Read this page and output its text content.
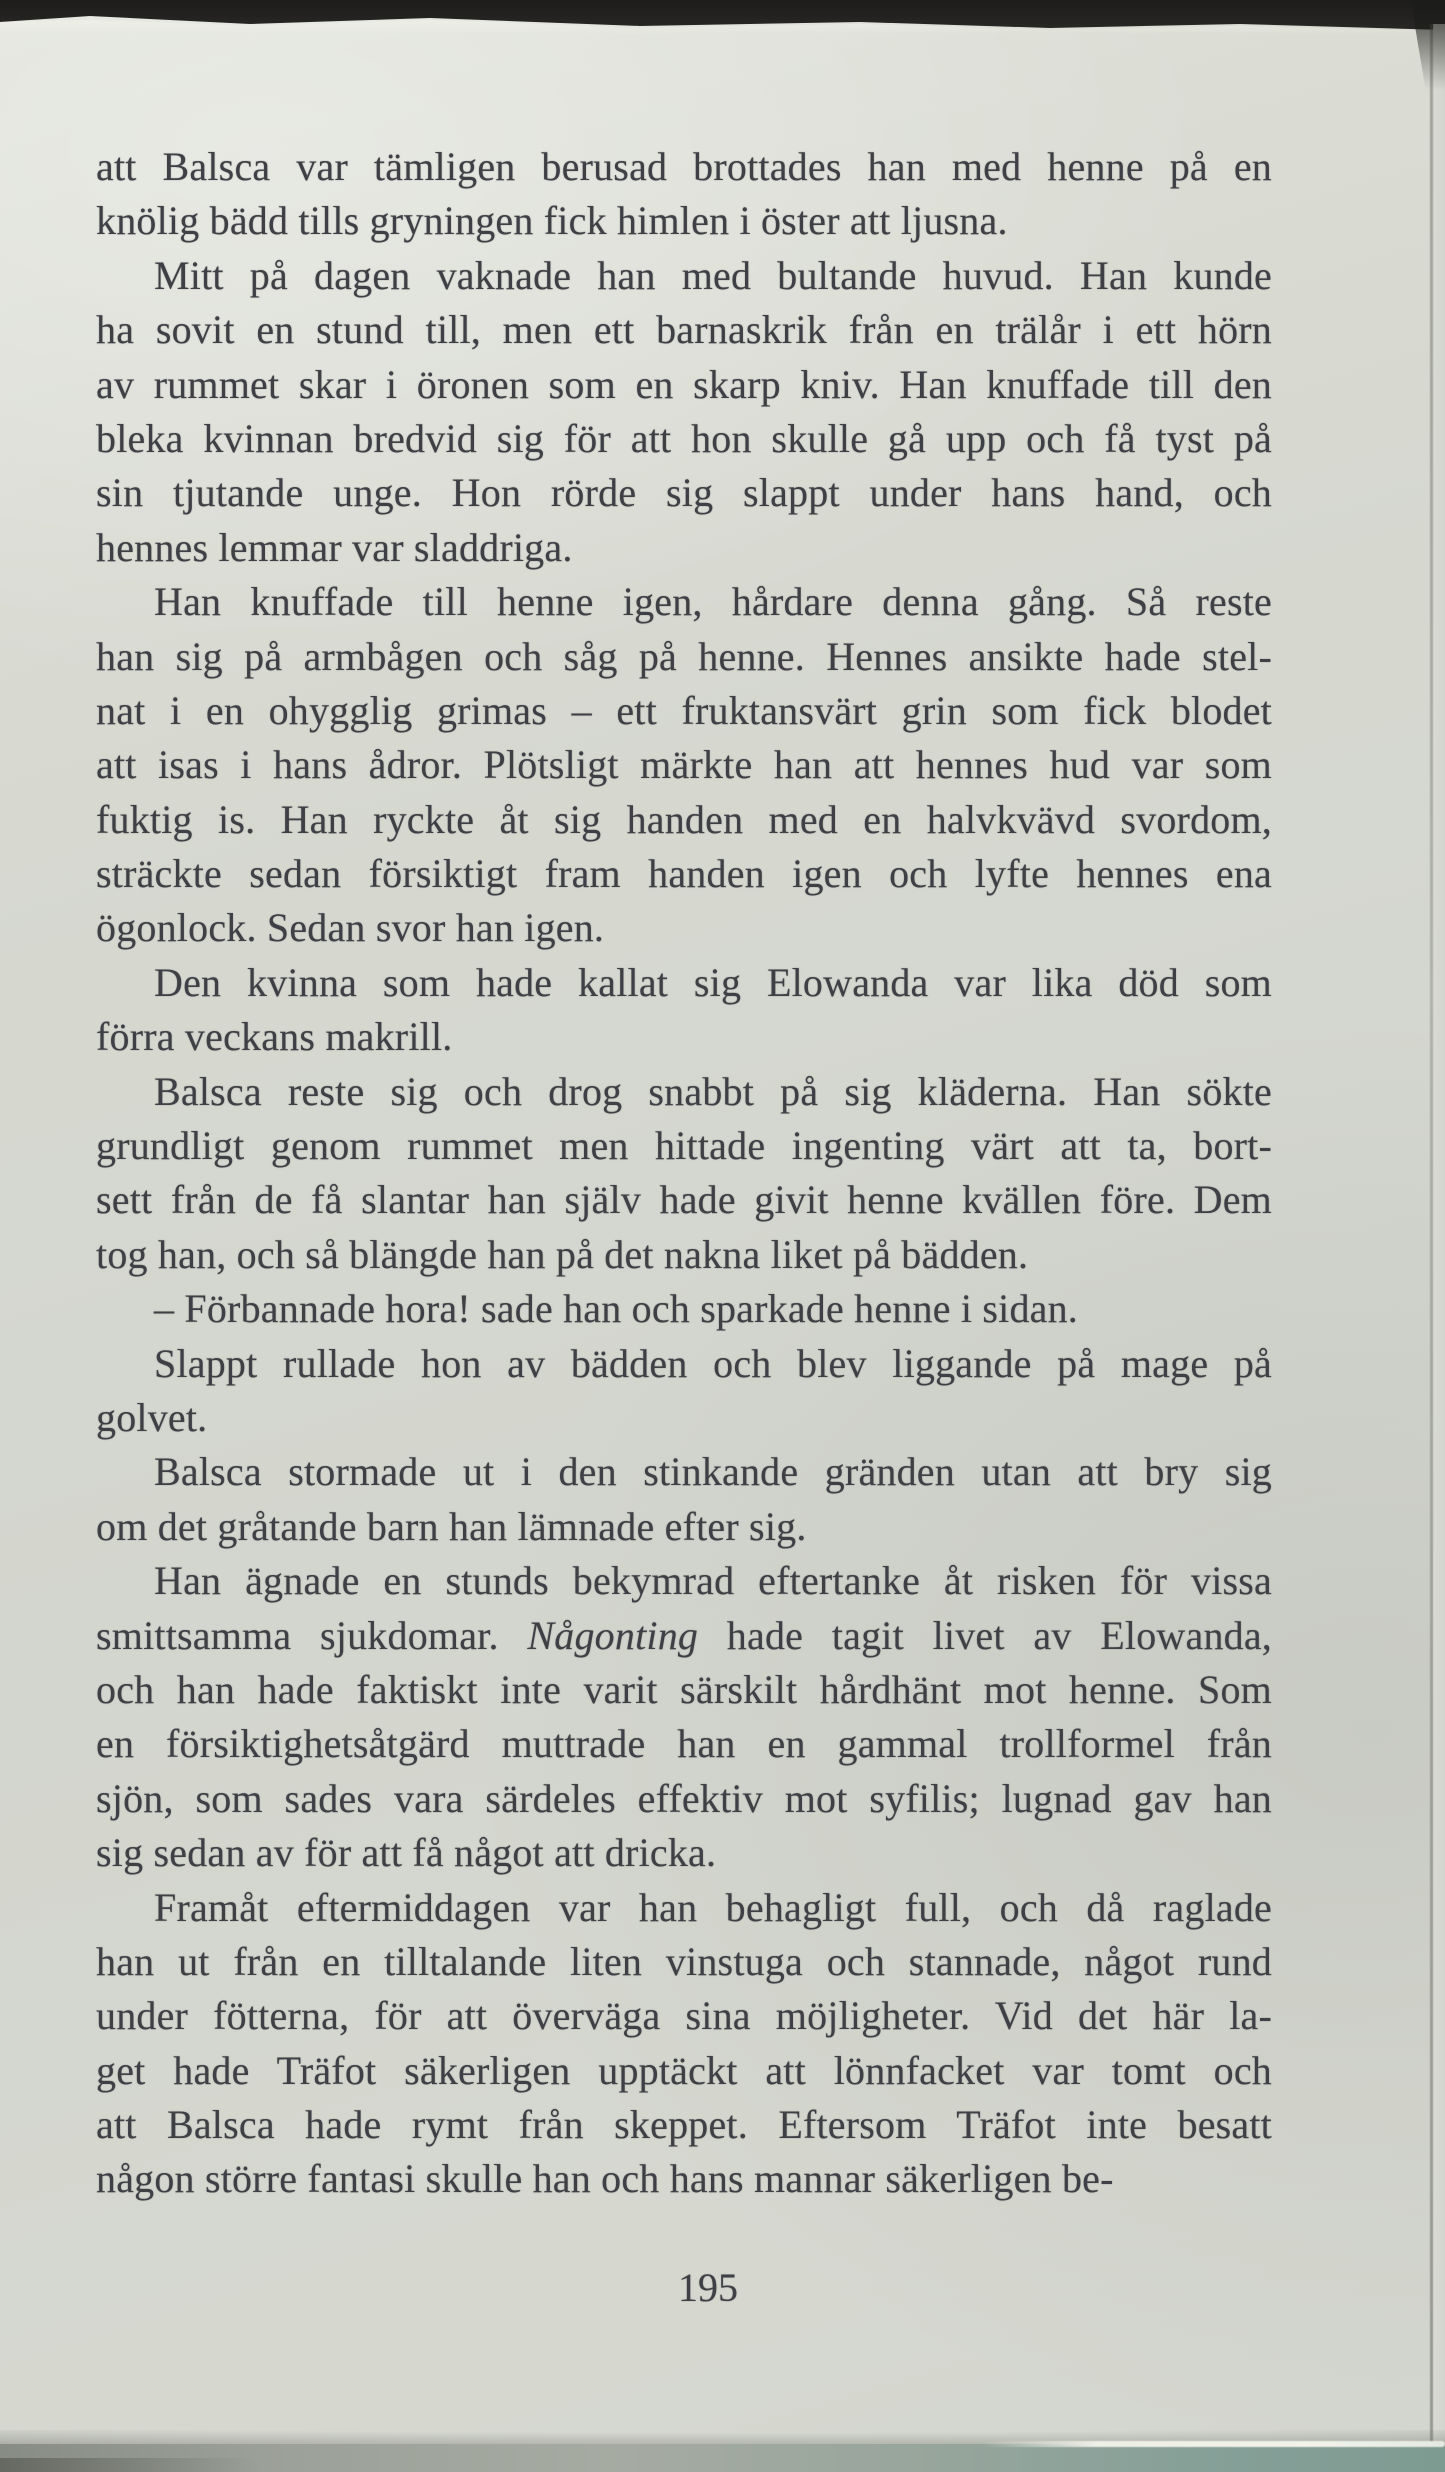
att Balsca var tämligen berusad brottades han med henne på en
knölig bädd tills gryningen fick himlen i öster att ljusna.
Mitt på dagen vaknade han med bultande huvud. Han kunde
ha sovit en stund till, men ett barnaskrik från en trälår i ett hörn
av rummet skar i öronen som en skarp kniv. Han knuffade till den
bleka kvinnan bredvid sig för att hon skulle gå upp och få tyst på
sin tjutande unge. Hon rörde sig slappt under hans hand, och
hennes lemmar var sladdriga.
Han knuffade till henne igen, hårdare denna gång. Så reste
han sig på armbågen och såg på henne. Hennes ansikte hade stel-
nat i en ohygglig grimas – ett fruktansvärt grin som fick blodet
att isas i hans ådror. Plötsligt märkte han att hennes hud var som
fuktig is. Han ryckte åt sig handen med en halvkvävd svordom,
sträckte sedan försiktigt fram handen igen och lyfte hennes ena
ögonlock. Sedan svor han igen.
Den kvinna som hade kallat sig Elowanda var lika död som
förra veckans makrill.
Balsca reste sig och drog snabbt på sig kläderna. Han sökte
grundligt genom rummet men hittade ingenting värt att ta, bort-
sett från de få slantar han själv hade givit henne kvällen före. Dem
tog han, och så blängde han på det nakna liket på bädden.
– Förbannade hora! sade han och sparkade henne i sidan.
Slappt rullade hon av bädden och blev liggande på mage på
golvet.
Balsca stormade ut i den stinkande gränden utan att bry sig
om det gråtande barn han lämnade efter sig.
Han ägnade en stunds bekymrad eftertanke åt risken för vissa
smittsamma sjukdomar. Någonting hade tagit livet av Elowanda,
och han hade faktiskt inte varit särskilt hårdhänt mot henne. Som
en försiktighetsåtgärd muttrade han en gammal trollformel från
sjön, som sades vara särdeles effektiv mot syfilis; lugnad gav han
sig sedan av för att få något att dricka.
Framåt eftermiddagen var han behagligt full, och då raglade
han ut från en tilltalande liten vinstuga och stannade, något rund
under fötterna, för att överväga sina möjligheter. Vid det här la-
get hade Träfot säkerligen upptäckt att lönnfacket var tomt och
att Balsca hade rymt från skeppet. Eftersom Träfot inte besatt
någon större fantasi skulle han och hans mannar säkerligen be-
195
